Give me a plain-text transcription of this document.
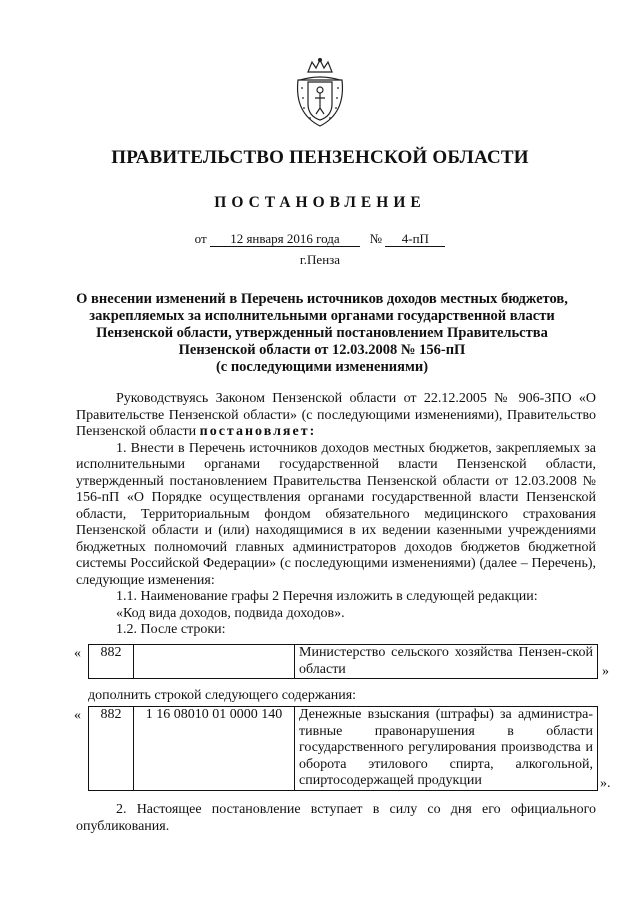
ПРАВИТЕЛЬСТВО ПЕНЗЕНСКОЙ ОБЛАСТИ
ПОСТАНОВЛЕНИЕ
от 12 января 2016 года № 4-пП
г.Пенза
О внесении изменений в Перечень источников доходов местных бюджетов,
закрепляемых за исполнительными органами государственной власти
Пензенской области, утвержденный постановлением Правительства
Пензенской области от 12.03.2008 № 156-пП
(с последующими изменениями)

Руководствуясь Законом Пензенской области от 22.12.2005 № 906-ЗПО «О Правительстве Пензенской области» (с последующими изменениями), Правительство Пензенской области постановляет:

1. Внести в Перечень источников доходов местных бюджетов, закрепляемых за исполнительными органами государственной власти Пензенской области, утвержденный постановлением Правительства Пензенской области от 12.03.2008 № 156-пП «О Порядке осуществления органами государственной власти Пензенской области, Территориальным фондом обязательного медицинского страхования Пензенской области и (или) находящимися в их ведении казенными учреждениями бюджетных полномочий главных администраторов доходов бюджетов бюджетной системы Российской Федерации» (с последующими изменениями) (далее – Перечень), следующие изменения:

1.1. Наименование графы 2 Перечня изложить в следующей редакции:

«Код вида доходов, подвида доходов».

1.2. После строки:

« 882		Министерство сельского хозяйства Пензен-ской области	»
дополнить строкой следующего содержания:
« 882	1 16 08010 01 0000 140	Денежные взыскания (штрафы) за администра-тивные правонарушения в области государственного регулирования производства и оборота этилового спирта, алкогольной, спиртосодержащей продукции	».

2. Настоящее постановление вступает в силу со дня его официального опубликования.
